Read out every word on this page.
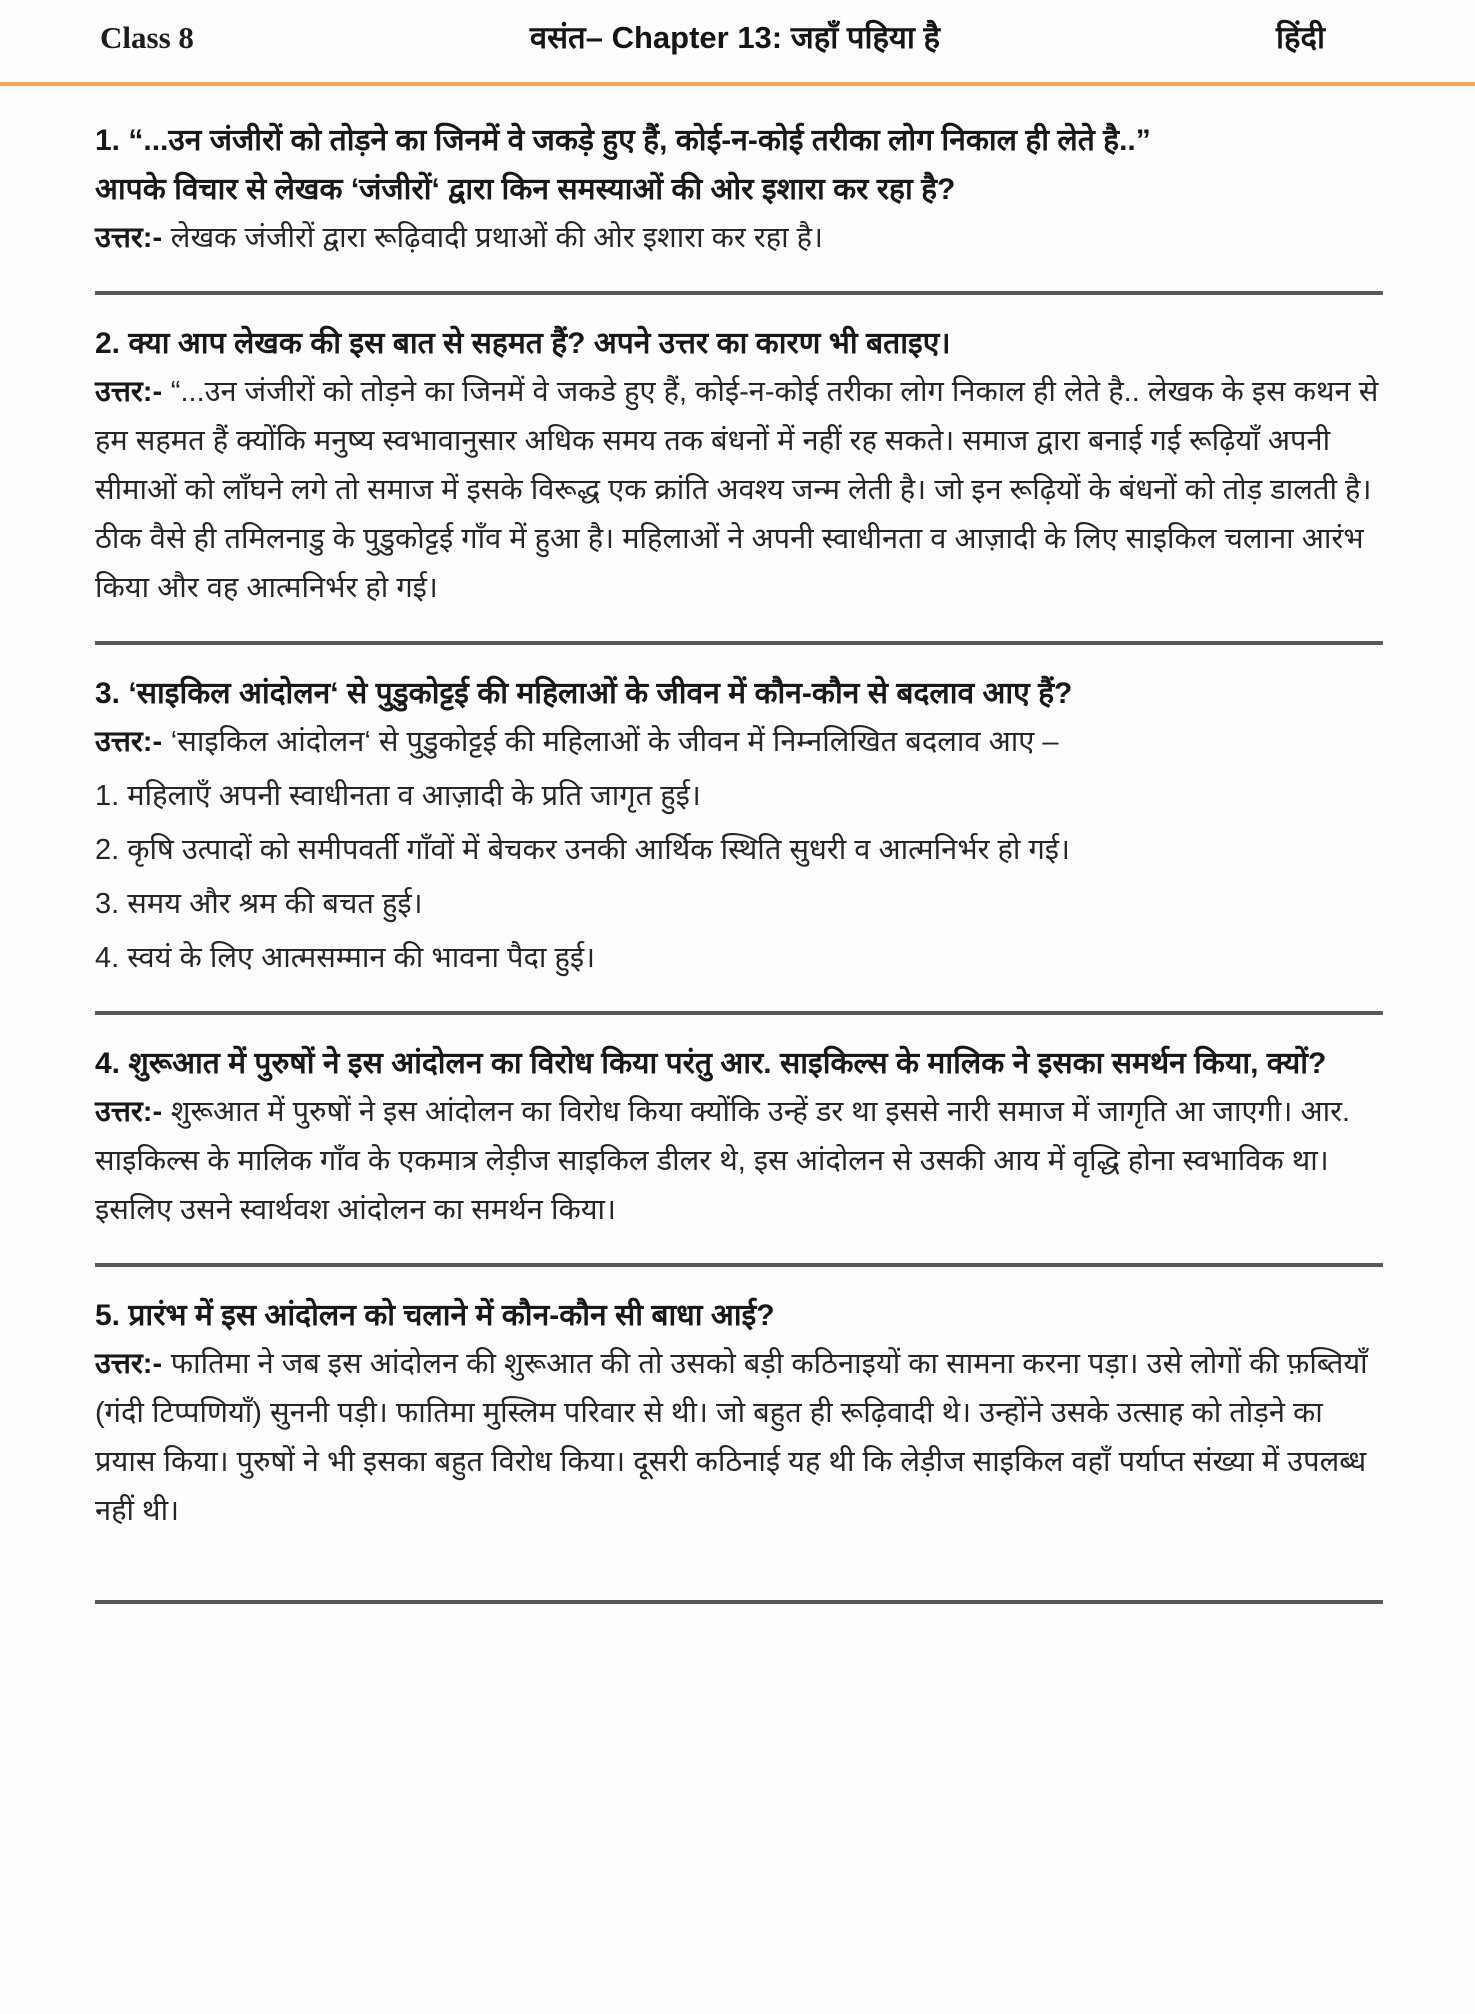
Class 8	वसंत– Chapter 13: जहाँ पहिया है	हिंदी

1. “...उन जंजीरों को तोड़ने का जिनमें वे जकड़े हुए हैं, कोई-न-कोई तरीका लोग निकाल ही लेते है..”

आपके विचार से लेखक ‘जंजीरों‘ द्वारा किन समस्याओं की ओर इशारा कर रहा है?

उत्तर:- लेखक जंजीरों द्वारा रूढ़िवादी प्रथाओं की ओर इशारा कर रहा है।

2. क्या आप लेखक की इस बात से सहमत हैं? अपने उत्तर का कारण भी बताइए।

उत्तर:- “...उन जंजीरों को तोड़ने का जिनमें वे जकडे हुए हैं, कोई-न-कोई तरीका लोग निकाल ही लेते है.. लेखक के इस कथन से हम सहमत हैं क्योंकि मनुष्य स्वभावानुसार अधिक समय तक बंधनों में नहीं रह सकते। समाज द्वारा बनाई गई रूढ़ियाँ अपनी सीमाओं को लाँघने लगे तो समाज में इसके विरूद्ध एक क्रांति अवश्य जन्म लेती है। जो इन रूढ़ियों के बंधनों को तोड़ डालती है। ठीक वैसे ही तमिलनाडु के पुडुकोट्टई गाँव में हुआ है। महिलाओं ने अपनी स्वाधीनता व आज़ादी के लिए साइकिल चलाना आरंभ किया और वह आत्मनिर्भर हो गई।

3. ‘साइकिल आंदोलन‘ से पुडुकोट्टई की महिलाओं के जीवन में कौन-कौन से बदलाव आए हैं?

उत्तर:- ‘साइकिल आंदोलन‘ से पुडुकोट्टई की महिलाओं के जीवन में निम्नलिखित बदलाव आए –

1. महिलाएँ अपनी स्वाधीनता व आज़ादी के प्रति जागृत हुई।

2. कृषि उत्पादों को समीपवर्ती गाँवों में बेचकर उनकी आर्थिक स्थिति सुधरी व आत्मनिर्भर हो गई।

3. समय और श्रम की बचत हुई।

4. स्वयं के लिए आत्मसम्मान की भावना पैदा हुई।

4. शुरूआत में पुरुषों ने इस आंदोलन का विरोध किया परंतु आर. साइकिल्स के मालिक ने इसका समर्थन किया, क्यों?

उत्तर:- शुरूआत में पुरुषों ने इस आंदोलन का विरोध किया क्योंकि उन्हें डर था इससे नारी समाज में जागृति आ जाएगी। आर. साइकिल्स के मालिक गाँव के एकमात्र लेड़ीज साइकिल डीलर थे, इस आंदोलन से उसकी आय में वृद्धि होना स्वभाविक था। इसलिए उसने स्वार्थवश आंदोलन का समर्थन किया।

5. प्रारंभ में इस आंदोलन को चलाने में कौन-कौन सी बाधा आई?

उत्तर:- फातिमा ने जब इस आंदोलन की शुरूआत की तो उसको बड़ी कठिनाइयों का सामना करना पड़ा। उसे लोगों की फ़ब्तियाँ (गंदी टिप्पणियाँ) सुननी पड़ी। फातिमा मुस्लिम परिवार से थी। जो बहुत ही रूढ़िवादी थे। उन्होंने उसके उत्साह को तोड़ने का प्रयास किया। पुरुषों ने भी इसका बहुत विरोध किया। दूसरी कठिनाई यह थी कि लेड़ीज साइकिल वहाँ पर्याप्त संख्या में उपलब्ध नहीं थी।
